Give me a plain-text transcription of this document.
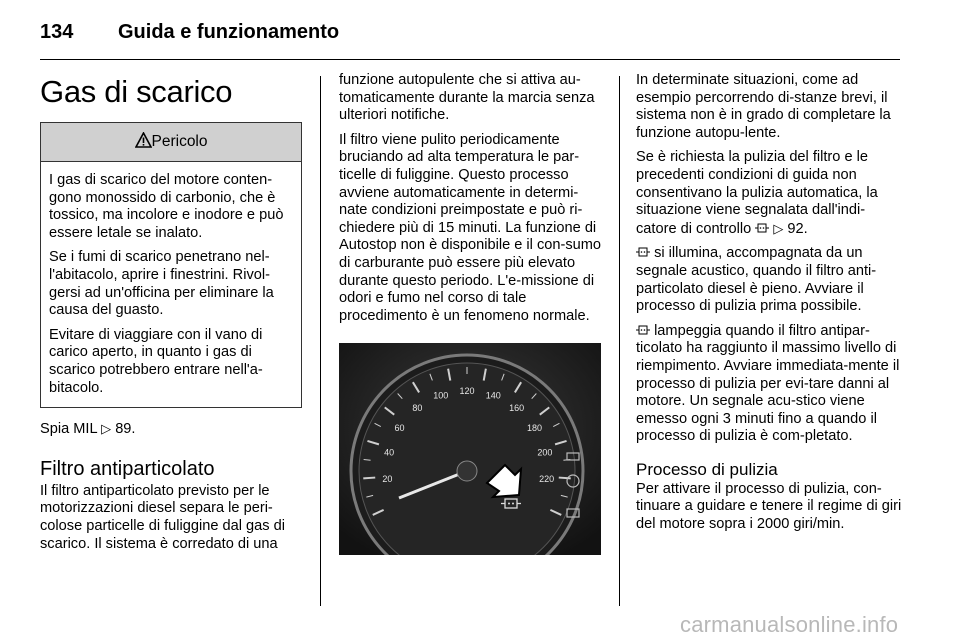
134 Guida e funzionamento
Gas di scarico
Pericolo

I gas di scarico del motore conten-gono monossido di carbonio, che è tossico, ma incolore e inodore e può essere letale se inalato.

Se i fumi di scarico penetrano nel-l'abitacolo, aprire i finestrini. Rivol-gersi ad un'officina per eliminare la causa del guasto.

Evitare di viaggiare con il vano di carico aperto, in quanto i gas di scarico potrebbero entrare nell'a-bitacolo.

Spia MIL ▷ 89.

Filtro antiparticolato

Il filtro antiparticolato previsto per le motorizzazioni diesel separa le peri-colose particelle di fuliggine dal gas di scarico. Il sistema è corredato di una

funzione autopulente che si attiva au-tomaticamente durante la marcia senza ulteriori notifiche.

Il filtro viene pulito periodicamente bruciando ad alta temperatura le par-ticelle di fuliggine. Questo processo avviene automaticamente in determi-nate condizioni preimpostate e può ri-chiedere più di 15 minuti. La funzione di Autostop non è disponibile e il con-sumo di carburante può essere più elevato durante questo periodo. L'e-missione di odori e fumo nel corso di tale procedimento è un fenomeno normale.

20
40
60
80
100 120 140
160
180
200
220

In determinate situazioni, come ad esempio percorrendo di-stanze brevi, il sistema non è in grado di completare la funzione autopu-lente.

Se è richiesta la pulizia del filtro e le precedenti condizioni di guida non consentivano la pulizia automatica, la situazione viene segnalata dall'indi-catore di controllo ▷ 92.

si illumina, accompagnata da un segnale acustico, quando il filtro anti-particolato diesel è pieno. Avviare il processo di pulizia prima possibile.

lampeggia quando il filtro antipar-ticolato ha raggiunto il massimo livello di riempimento. Avviare immediata-mente il processo di pulizia per evi-tare danni al motore. Un segnale acu-stico viene emesso ogni 3 minuti fino a quando il processo di pulizia è com-pletato.

Processo di pulizia

Per attivare il processo di pulizia, con-tinuare a guidare e tenere il regime di giri del motore sopra i 2000 giri/min.

carmanualsonline.info
